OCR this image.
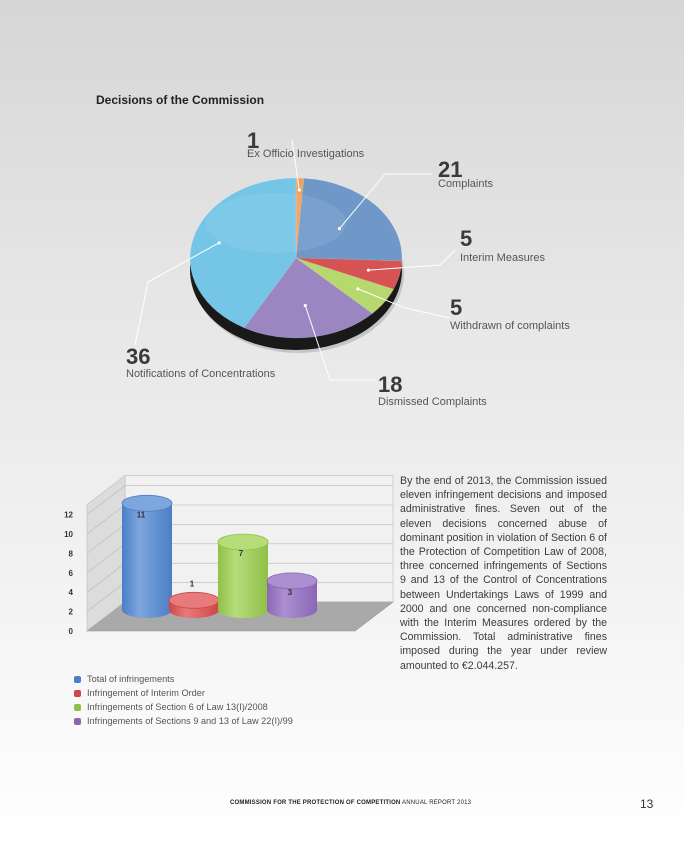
Decisions of the Commission
1
Ex Officio Investigations
21
Complaints
5
Interim Measures
5
Withdrawn of complaints
18
Dismissed Complaints
36
Notifications of Concentrations
0
2
4
6
8
10
12	11
1
7
3
By the end of 2013, the Commission issued eleven infringement decisions and imposed administrative fines. Seven out of the eleven decisions concerned abuse of dominant position in violation of Section 6 of the Protection of Competition Law of 2008, three concerned infringements of Sections 9 and 13 of the Control of Concentrations between Undertakings Laws of 1999 and 2000 and one concerned non-compliance with the Interim Measures ordered by the Commission. Total administrative fines imposed during the year under review amounted to €2.044.257.
Total of infringements
Infringement of Interim Order
Infringements of Section 6 of Law 13(I)/2008
Infringements of Sections 9 and 13 of Law 22(I)/99
COMMISSION FOR THE PROTECTION OF COMPETITION ANNUAL REPORT 2013	13
